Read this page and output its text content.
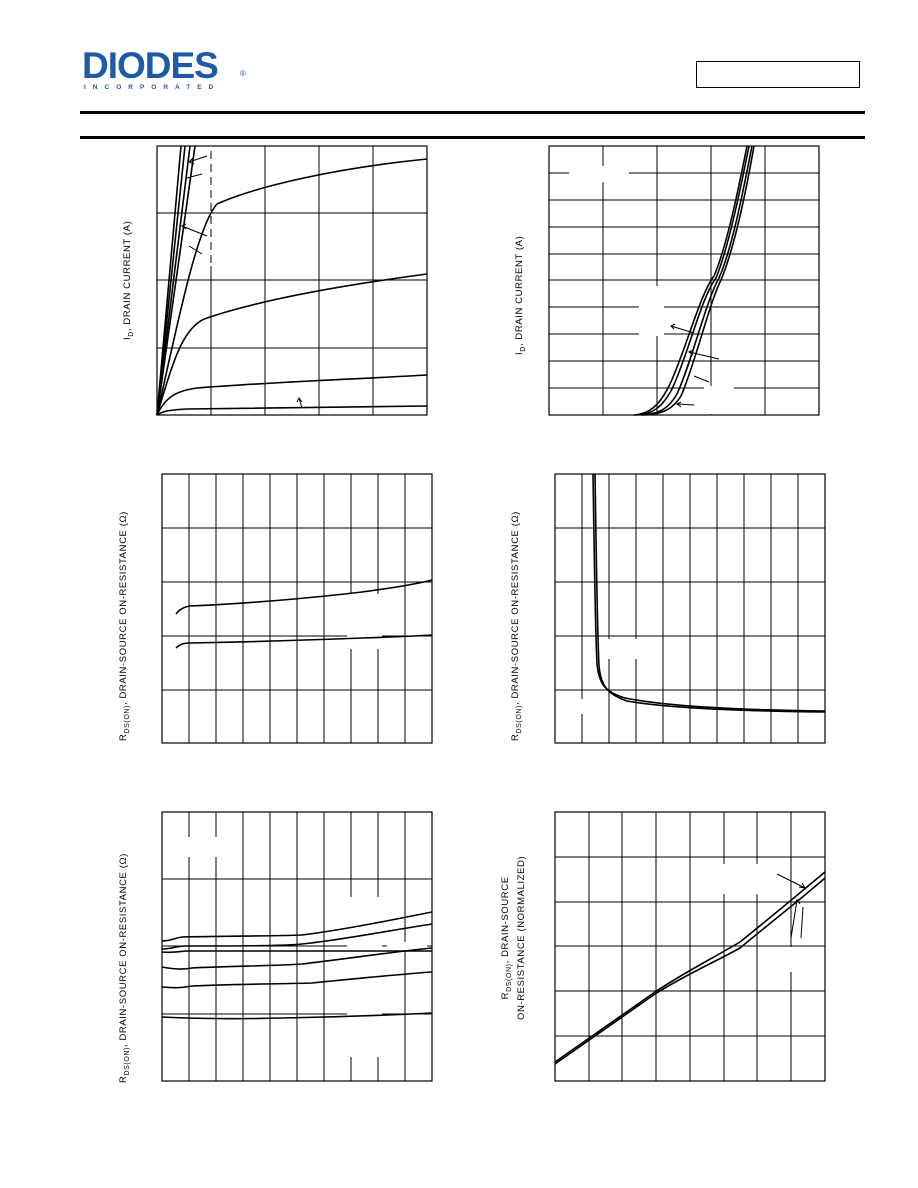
DIODES	®
INCORPORATED
$I_D$, DRAIN CURRENT (A)
$I_D$, DRAIN CURRENT (A)
$R_{DS(ON)}$, DRAIN-SOURCE ON-RESISTANCE (Ω)
$R_{DS(ON)}$, DRAIN-SOURCE ON-RESISTANCE (Ω)
$R_{DS(ON)}$, DRAIN-SOURCE ON-RESISTANCE (Ω)	$R_{DS(ON)}$, DRAIN-SOURCE ON-RESISTANCE (NORMALIZED)
